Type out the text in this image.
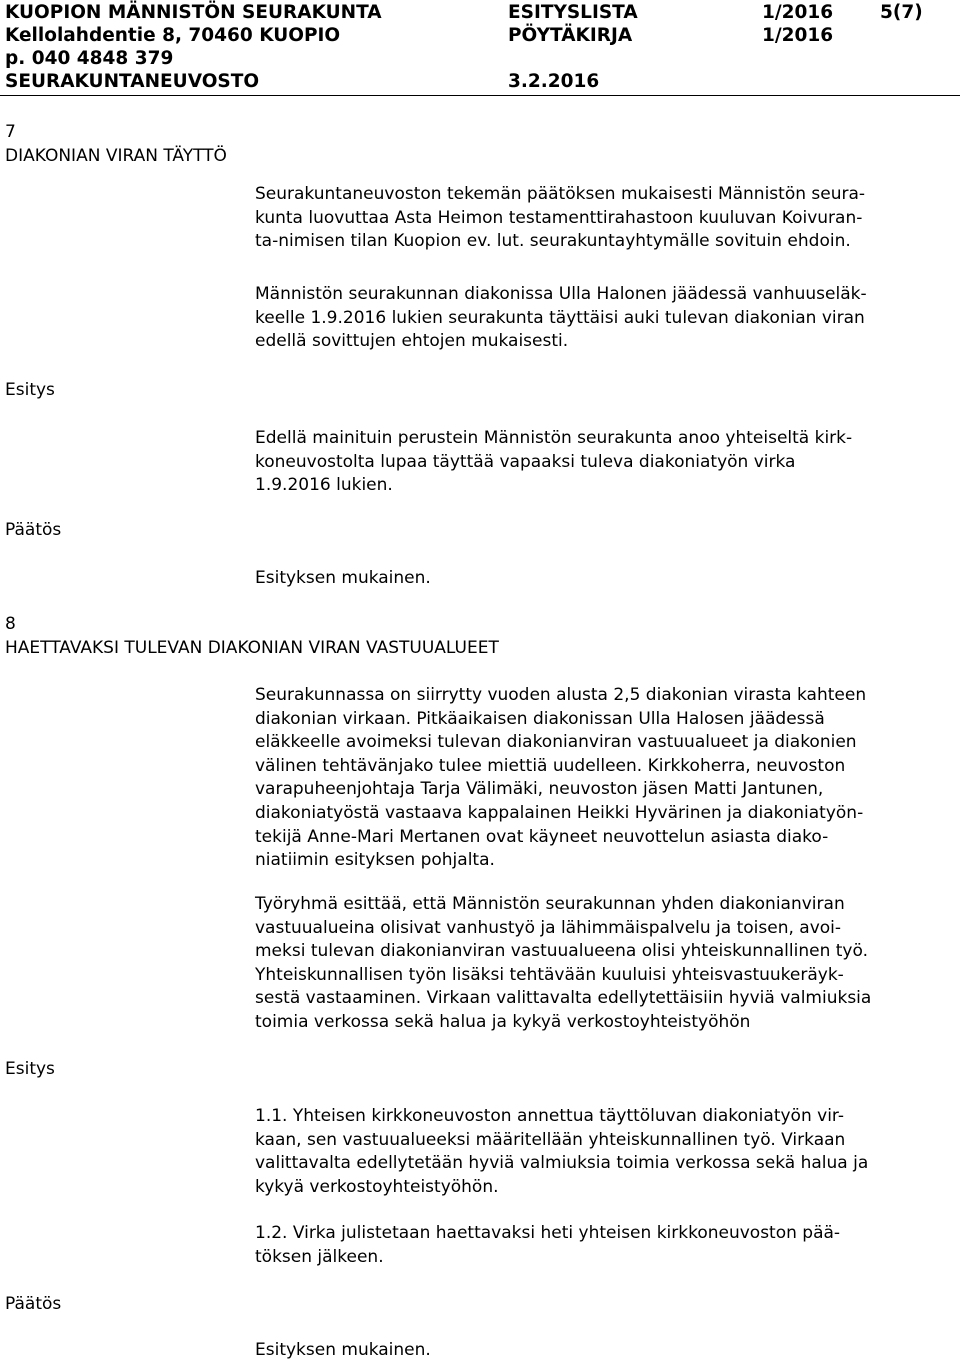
KUOPION MÄNNISTÖN SEURAKUNTA
Kellolahdentie 8, 70460 KUOPIO
p. 040 4848 379
SEURAKUNTANEUVOSTO
ESITYSLISTA
PÖYTÄKIRJA
3.2.2016
1/2016
1/2016
5(7)
7
DIAKONIAN VIRAN TÄYTTÖ
Seurakuntaneuvoston tekemän päätöksen mukaisesti Männistön seura-
kunta luovuttaa Asta Heimon testamenttirahastoon kuuluvan Koivuran-
ta-nimisen tilan Kuopion ev. lut. seurakuntayhtymälle sovituin ehdoin.
Männistön seurakunnan diakonissa Ulla Halonen jäädessä vanhuuseläk-
keelle 1.9.2016 lukien seurakunta täyttäisi auki tulevan diakonian viran
edellä sovittujen ehtojen mukaisesti.
Esitys
Edellä mainituin perustein Männistön seurakunta anoo yhteiseltä kirk-
koneuvostolta lupaa täyttää vapaaksi tuleva diakoniatyön virka
1.9.2016 lukien.
Päätös
Esityksen mukainen.
8
HAETTAVAKSI TULEVAN DIAKONIAN VIRAN VASTUUALUEET
Seurakunnassa on siirrytty vuoden alusta 2,5 diakonian virasta kahteen
diakonian virkaan. Pitkäaikaisen diakonissan Ulla Halosen jäädessä
eläkkeelle avoimeksi tulevan diakonianviran vastuualueet ja diakonien
välinen tehtävänjako tulee miettiä uudelleen. Kirkkoherra, neuvoston
varapuheenjohtaja Tarja Välimäki, neuvoston jäsen Matti Jantunen,
diakoniatyöstä vastaava kappalainen Heikki Hyvärinen ja diakoniatyön-
tekijä Anne-Mari Mertanen ovat käyneet neuvottelun asiasta diako-
niatiimin esityksen pohjalta.
Työryhmä esittää, että Männistön seurakunnan yhden diakonianviran
vastuualueina olisivat vanhustyö ja lähimmäispalvelu ja toisen, avoi-
meksi tulevan diakonianviran vastuualueena olisi yhteiskunnallinen työ.
Yhteiskunnallisen työn lisäksi tehtävään kuuluisi yhteisvastuukeräyk-
sestä vastaaminen. Virkaan valittavalta edellytettäisiin hyviä valmiuksia
toimia verkossa sekä halua ja kykyä verkostoyhteistyöhön
Esitys
1.1. Yhteisen kirkkoneuvoston annettua täyttöluvan diakoniatyön vir-
kaan, sen vastuualueeksi määritellään yhteiskunnallinen työ. Virkaan
valittavalta edellytetään hyviä valmiuksia toimia verkossa sekä halua ja
kykyä verkostoyhteistyöhön.
1.2. Virka julistetaan haettavaksi heti yhteisen kirkkoneuvoston pää-
töksen jälkeen.
Päätös
Esityksen mukainen.
